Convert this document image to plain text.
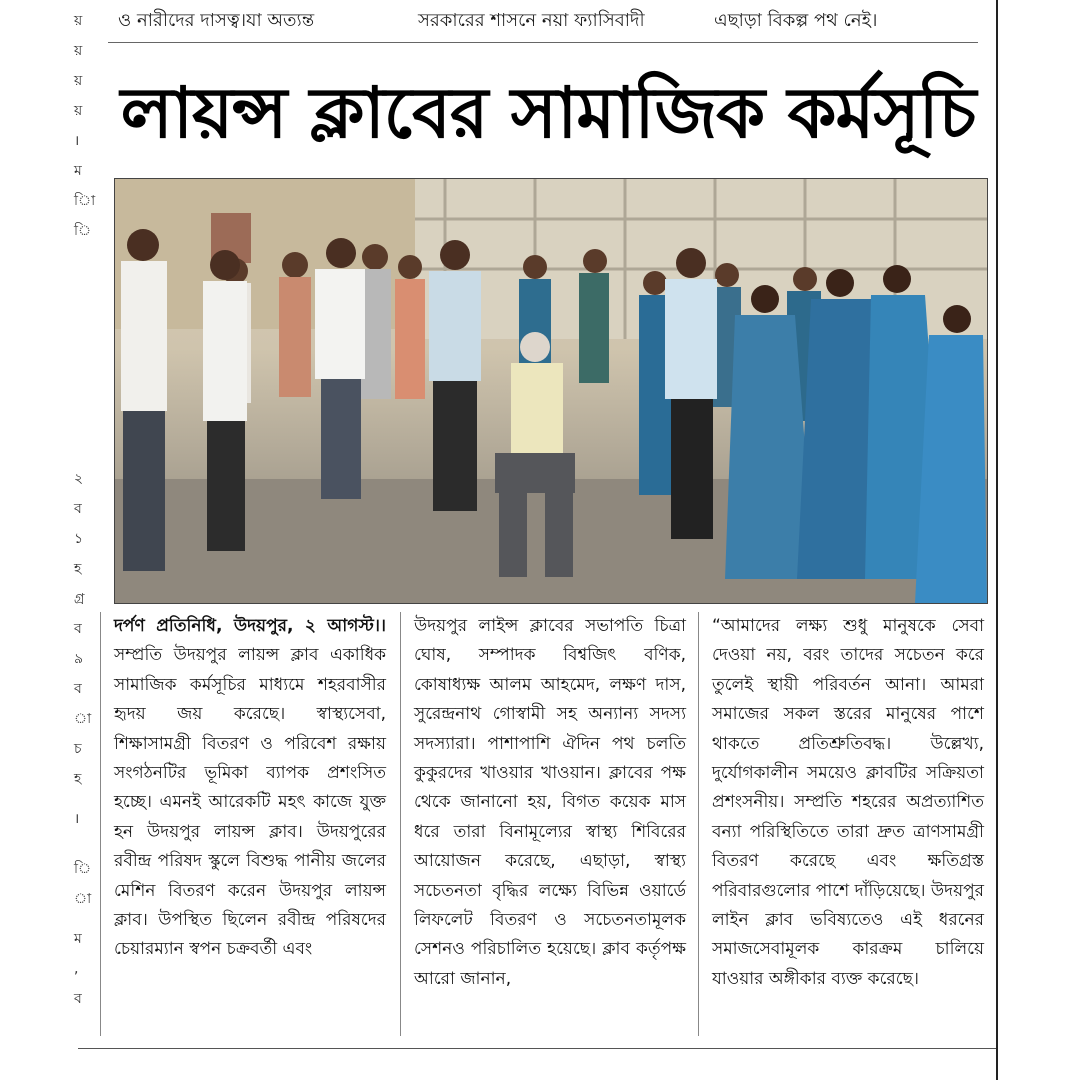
য়
য়
য়
য়
।
ম
াি
ি
২
ব
১
হ
গ্র
ব
৯
ব
া
চ
হ
।
ি
া
ম
,
ব
ও নারীদের দাসত্ব।যা অত্যন্ত	সরকারের শাসনে নয়া ফ্যাসিবাদী	এছাড়া বিকল্প পথ নেই।
লায়ন্স ক্লাবের সামাজিক কর্মসূচি

দর্পণ প্রতিনিধি, উদয়পুর, ২ আগস্ট।। সম্প্রতি উদয়পুর লায়ন্স ক্লাব একাধিক সামাজিক কর্মসূচির মাধ্যমে শহরবাসীর হৃদয় জয় করেছে। স্বাস্থ্যসেবা, শিক্ষাসামগ্রী বিতরণ ও পরিবেশ রক্ষায় সংগঠনটির ভূমিকা ব্যাপক প্রশংসিত হচ্ছে। এমনই আরেকটি মহৎ কাজে যুক্ত হন উদয়পুর লায়ন্স ক্লাব। উদয়পুরের রবীন্দ্র পরিষদ স্কুলে বিশুদ্ধ পানীয় জলের মেশিন বিতরণ করেন উদয়পুর লায়ন্স ক্লাব। উপস্থিত ছিলেন রবীন্দ্র পরিষদের চেয়ারম্যান স্বপন চক্রবর্তী এবং

উদয়পুর লাইন্স ক্লাবের সভাপতি চিত্রা ঘোষ, সম্পাদক বিশ্বজিৎ বণিক, কোষাধ্যক্ষ আলম আহমেদ, লক্ষণ দাস, সুরেন্দ্রনাথ গোস্বামী সহ অন্যান্য সদস্য সদস্যারা। পাশাপাশি ঐদিন পথ চলতি কুকুরদের খাওয়ার খাওয়ান। ক্লাবের পক্ষ থেকে জানানো হয়, বিগত কয়েক মাস ধরে তারা বিনামূল্যের স্বাস্থ্য শিবিরের আয়োজন করেছে, এছাড়া, স্বাস্থ্য সচেতনতা বৃদ্ধির লক্ষ্যে বিভিন্ন ওয়ার্ডে লিফলেট বিতরণ ও সচেতনতামূলক সেশনও পরিচালিত হয়েছে। ক্লাব কর্তৃপক্ষ আরো জানান,

“আমাদের লক্ষ্য শুধু মানুষকে সেবা দেওয়া নয়, বরং তাদের সচেতন করে তুলেই স্থায়ী পরিবর্তন আনা। আমরা সমাজের সকল স্তরের মানুষের পাশে থাকতে প্রতিশ্রুতিবদ্ধ। উল্লেখ্য, দুর্যোগকালীন সময়েও ক্লাবটির সক্রিয়তা প্রশংসনীয়। সম্প্রতি শহরের অপ্রত্যাশিত বন্যা পরিস্থিতিতে তারা দ্রুত ত্রাণসামগ্রী বিতরণ করেছে এবং ক্ষতিগ্রস্ত পরিবারগুলোর পাশে দাঁড়িয়েছে। উদয়পুর লাইন ক্লাব ভবিষ্যতেও এই ধরনের সমাজসেবামূলক কারক্রম চালিয়ে যাওয়ার অঙ্গীকার ব্যক্ত করেছে।
